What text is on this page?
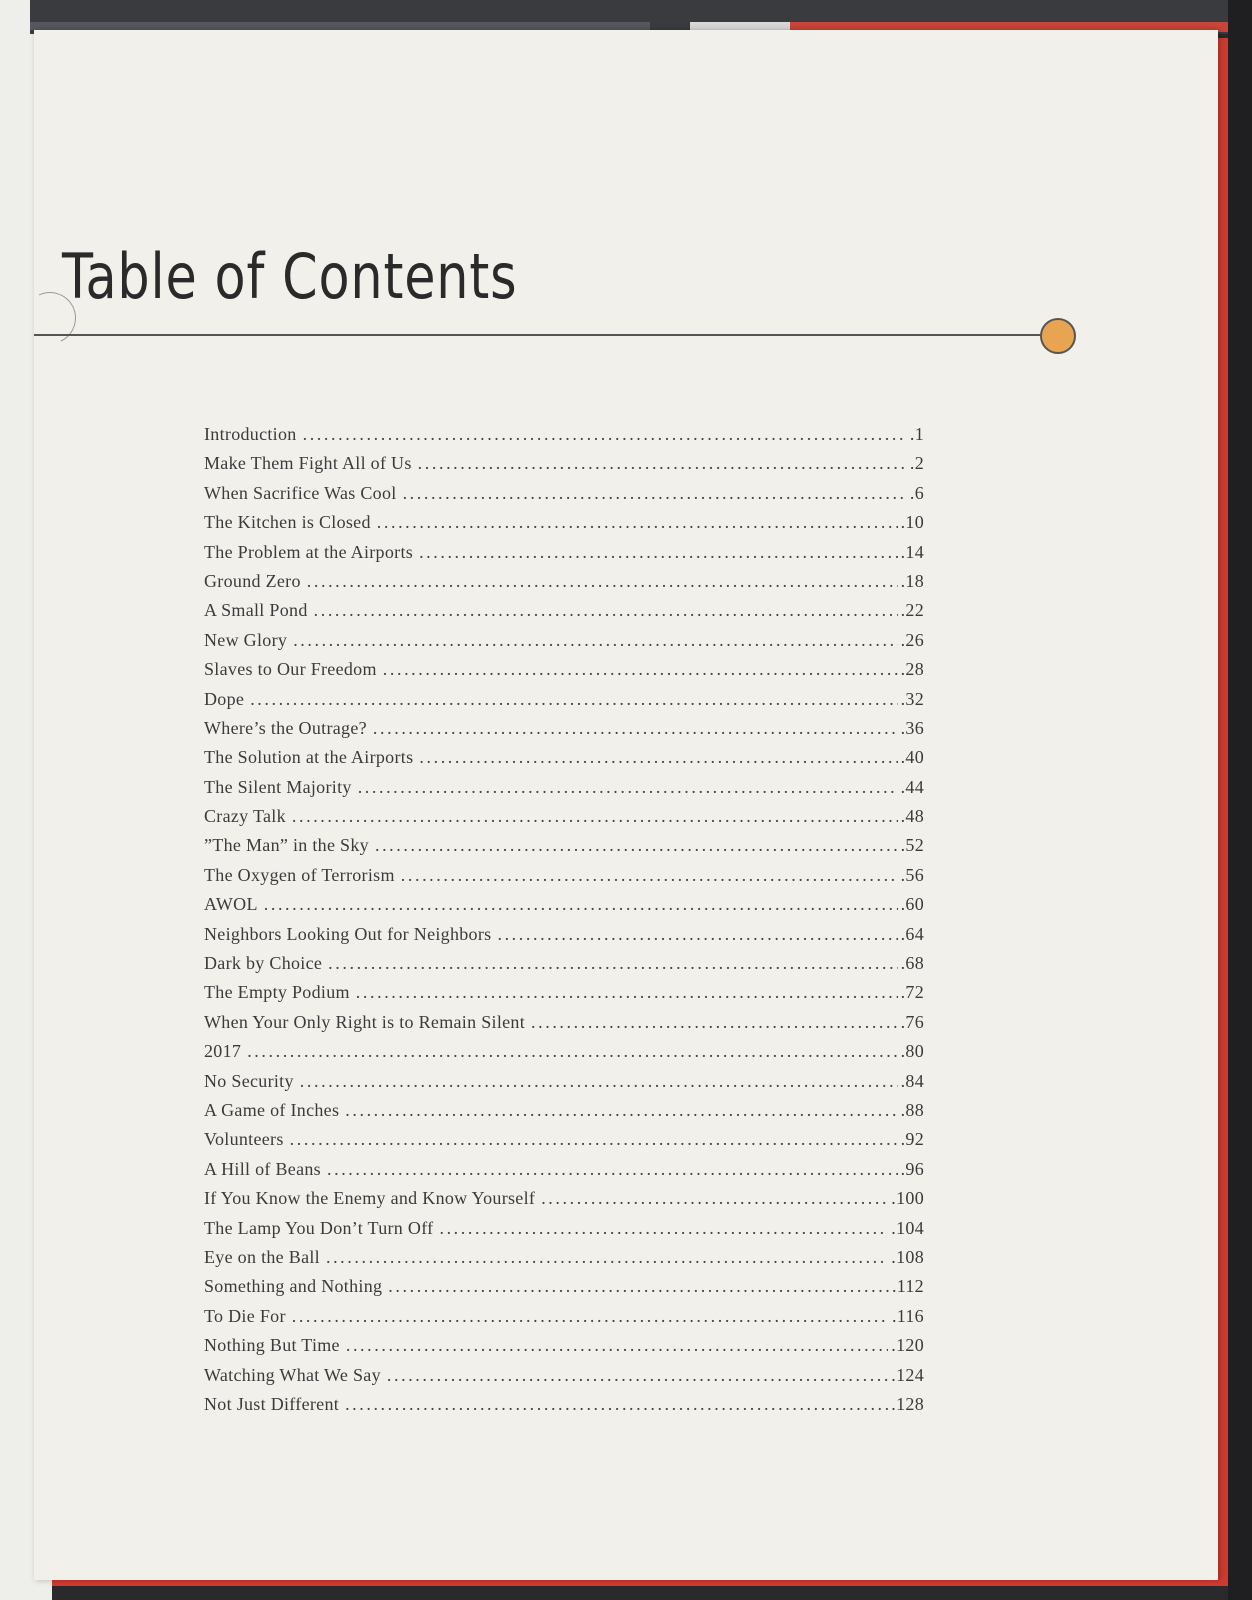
Table of Contents
Introduction .....	.1
Make Them Fight All of Us .....	.2
When Sacrifice Was Cool .....	.6
The Kitchen is Closed .....	.10
The Problem at the Airports .....	.14
Ground Zero .....	.18
A Small Pond .....	.22
New Glory .....	.26
Slaves to Our Freedom .....	.28
Dope .....	.32
Where’s the Outrage? .....	.36
The Solution at the Airports .....	.40
The Silent Majority .....	.44
Crazy Talk .....	.48
”The Man” in the Sky .....	.52
The Oxygen of Terrorism .....	.56
AWOL .....	.60
Neighbors Looking Out for Neighbors .....	.64
Dark by Choice .....	.68
The Empty Podium .....	.72
When Your Only Right is to Remain Silent .....	.76
2017 .....	.80
No Security .....	.84
A Game of Inches .....	.88
Volunteers .....	.92
A Hill of Beans .....	.96
If You Know the Enemy and Know Yourself .....	.100
The Lamp You Don’t Turn Off .....	.104
Eye on the Ball .....	.108
Something and Nothing .....	.112
To Die For .....	.116
Nothing But Time .....	.120
Watching What We Say .....	.124
Not Just Different .....	.128
